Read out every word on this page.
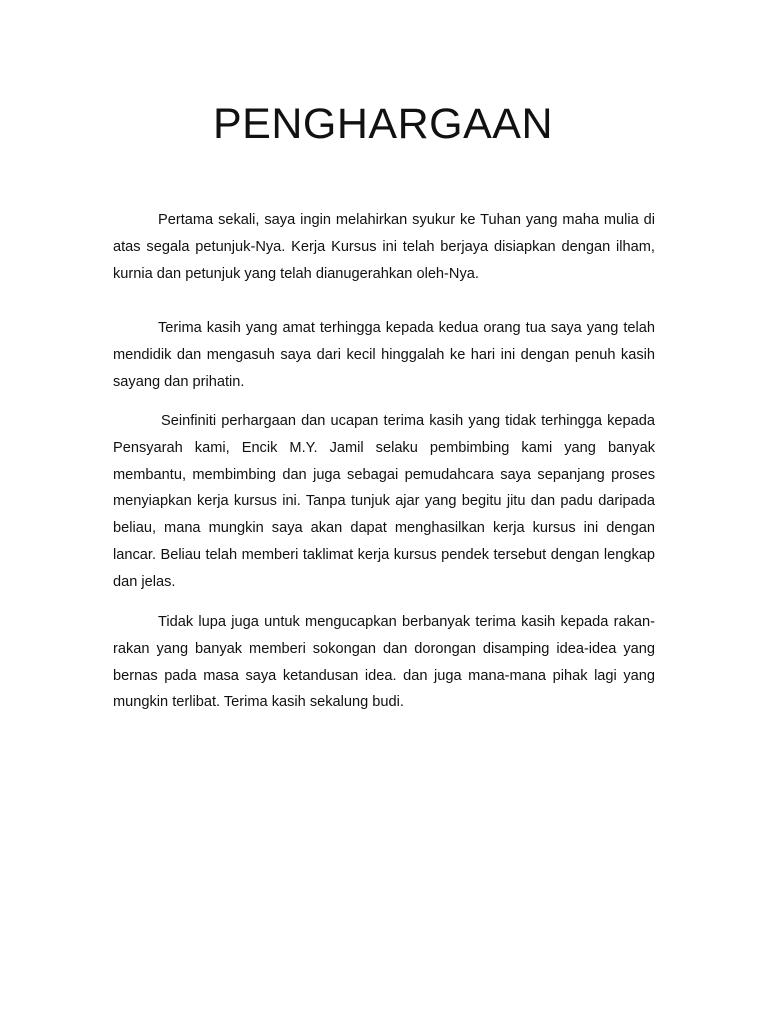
PENGHARGAAN

Pertama sekali, saya ingin melahirkan syukur ke Tuhan yang maha mulia di atas segala petunjuk-Nya. Kerja Kursus ini telah berjaya disiapkan dengan ilham, kurnia dan petunjuk yang telah dianugerahkan oleh-Nya.

Terima kasih yang amat terhingga kepada kedua orang tua saya yang telah mendidik dan mengasuh saya dari kecil hinggalah ke hari ini dengan penuh kasih sayang dan prihatin.

Seinfiniti perhargaan dan ucapan terima kasih yang tidak terhingga kepada Pensyarah kami, Encik M.Y. Jamil selaku pembimbing kami yang banyak membantu, membimbing dan juga sebagai pemudahcara saya sepanjang proses menyiapkan kerja kursus ini. Tanpa tunjuk ajar yang begitu jitu dan padu daripada beliau, mana mungkin saya akan dapat menghasilkan kerja kursus ini dengan lancar. Beliau telah memberi taklimat kerja kursus pendek tersebut dengan lengkap dan jelas.

Tidak lupa juga untuk mengucapkan berbanyak terima kasih kepada rakan-rakan yang banyak memberi sokongan dan dorongan disamping idea-idea yang bernas pada masa saya ketandusan idea. dan juga mana-mana pihak lagi yang mungkin terlibat. Terima kasih sekalung budi.
